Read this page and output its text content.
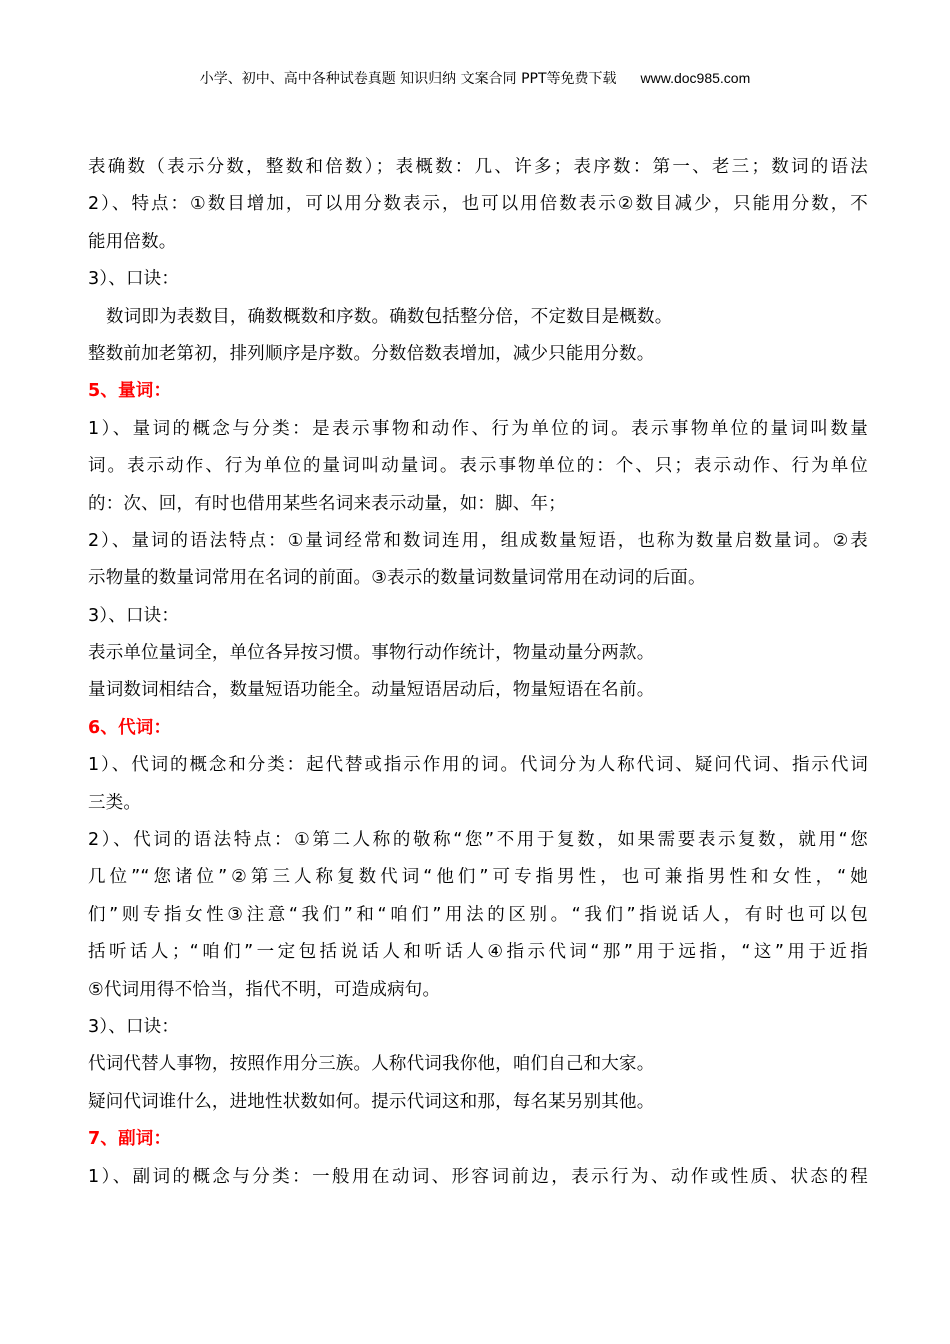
小学、初中、高中各种试卷真题 知识归纳 文案合同 PPT等免费下载 www.doc985.com
表确数（表示分数，整数和倍数）；表概数：几、许多；表序数：第一、老三；数词的语法
2）、特点：①数目增加，可以用分数表示，也可以用倍数表示②数目减少，只能用分数，不
能用倍数。
3）、口诀：
数词即为表数目，确数概数和序数。确数包括整分倍，不定数目是概数。
整数前加老第初，排列顺序是序数。分数倍数表增加，减少只能用分数。
5、量词：
1）、量词的概念与分类：是表示事物和动作、行为单位的词。表示事物单位的量词叫数量
词。表示动作、行为单位的量词叫动量词。表示事物单位的：个、只；表示动作、行为单位
的：次、回，有时也借用某些名词来表示动量，如：脚、年；
2）、量词的语法特点：①量词经常和数词连用，组成数量短语，也称为数量启数量词。②表
示物量的数量词常用在名词的前面。③表示的数量词数量词常用在动词的后面。
3）、口诀：
表示单位量词全，单位各异按习惯。事物行动作统计，物量动量分两款。
量词数词相结合，数量短语功能全。动量短语居动后，物量短语在名前。
6、代词：
1）、代词的概念和分类：起代替或指示作用的词。代词分为人称代词、疑问代词、指示代词
三类。
2）、代词的语法特点：①第二人称的敬称“您”不用于复数，如果需要表示复数，就用“您
几位”“您诸位”②第三人称复数代词“他们”可专指男性，也可兼指男性和女性，“她
们”则专指女性③注意“我们”和“咱们”用法的区别。“我们”指说话人，有时也可以包
括听话人；“咱们”一定包括说话人和听话人④指示代词“那”用于远指，“这”用于近指
⑤代词用得不恰当，指代不明，可造成病句。
3）、口诀：
代词代替人事物，按照作用分三族。人称代词我你他，咱们自己和大家。
疑问代词谁什么，进地性状数如何。提示代词这和那，每名某另别其他。
7、副词：
1）、副词的概念与分类：一般用在动词、形容词前边，表示行为、动作或性质、状态的程
